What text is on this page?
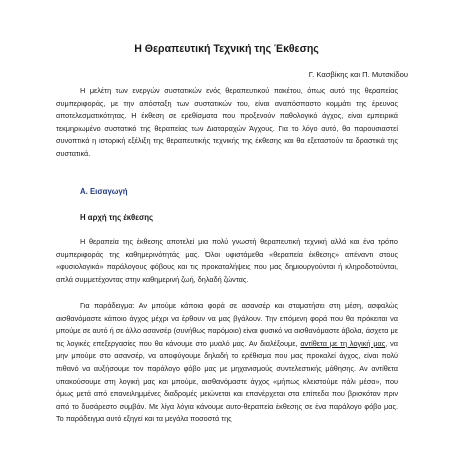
Η Θεραπευτική Τεχνική της Έκθεσης
Γ. Κασβίκης και Π. Μυτσκίδου

Η μελέτη των ενεργών συστατικών ενός θεραπευτικού πακέτου, όπως αυτό της θεραπείας συμπεριφοράς, με την απόσταξη των συστατικών του, είναι αναπόσπαστο κομμάτι της έρευνας αποτελεσματικότητας. Η έκθεση σε ερεθίσματα που προξενούν παθολογικό άγχος, είναι εμπειρικά τεκμηριωμένο συστατικό της θεραπείας των Διαταραχών Άγχους. Για το λόγο αυτό, θα παρουσιαστεί συνοπτικά η ιστορική εξέλιξη της θεραπευτικής τεχνικής της έκθεσης και θα εξεταστούν τα δραστικά της συστατικά.

Α. Εισαγωγή
Η αρχή της έκθεσης

Η θεραπεία της έκθεσης αποτελεί μια πολύ γνωστή θεραπευτική τεχνική αλλά και ένα τρόπο συμπεριφοράς της καθημερινότητάς μας. Όλοι υφιστάμεθα «θεραπεία έκθεσης» απέναντι στους «φυσιολογικά» παράλογους φόβους και τις προκαταλήψεις που μας δημιουργούνται ή κληροδοτούνται, απλά συμμετέχοντας στην καθημερινή ζωή, δηλαδή ζώντας.

Για παράδειγμα: Αν μπούμε κάποια φορά σε ασανσέρ και σταματήσει στη μέση, ασφαλώς αισθανόμαστε κάποιο άγχος μέχρι να έρθουν να μας βγάλουν. Την επόμενη φορά που θα πρόκειται να μπούμε σε αυτό ή σε άλλο ασανσέρ (συνήθως παρόμοιο) είναι φυσικό να αισθανόμαστε άβολα, άσχετα με τις λογικές επεξεργασίες που θα κάνουμε στο μυαλό μας. Αν διαλέξουμε, αντίθετα με τη λογική μας, να μην μπούμε στο ασανσέρ, να αποφύγουμε δηλαδή το ερέθισμα που μας προκαλεί άγχος, είναι πολύ πιθανό να αυξήσουμε τον παράλογο φόβο μας με μηχανισμούς συντελεστικής μάθησης. Αν αντίθετα υπακούσουμε στη λογική μας και μπούμε, αισθανόμαστε άγχος «μήπως κλειστούμε πάλι μέσα», που όμως μετά από επανειλημμένες διαδρομές μειώνεται και επανέρχεται στα επίπεδα που βρισκόταν πριν από το δυσάρεστο συμβάν. Με λίγα λόγια κάνουμε αυτο-θεραπεία έκθεσης σε ένα παράλογο φόβο μας. Το παράδειγμα αυτό εξηγεί και τα μεγάλα ποσοστά της
